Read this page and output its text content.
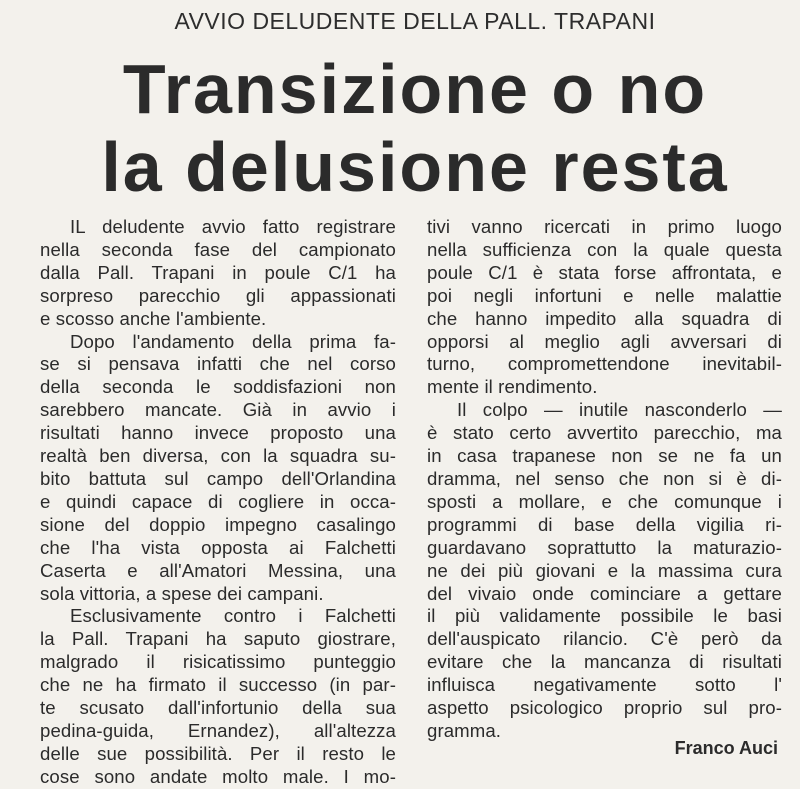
AVVIO DELUDENTE DELLA PALL. TRAPANI
Transizione o no
la delusione resta
IL deludente avvio fatto registrare
nella seconda fase del campionato
dalla Pall. Trapani in poule C/1 ha
sorpreso parecchio gli appassionati
e scosso anche l'ambiente.
Dopo l'andamento della prima fa-
se si pensava infatti che nel corso
della seconda le soddisfazioni non
sarebbero mancate. Già in avvio i
risultati hanno invece proposto una
realtà ben diversa, con la squadra su-
bito battuta sul campo dell'Orlandina
e quindi capace di cogliere in occa-
sione del doppio impegno casalingo
che l'ha vista opposta ai Falchetti
Caserta e all'Amatori Messina, una
sola vittoria, a spese dei campani.
Esclusivamente contro i Falchetti
la Pall. Trapani ha saputo giostrare,
malgrado il risicatissimo punteggio
che ne ha firmato il successo (in par-
te scusato dall'infortunio della sua
pedina-guida, Ernandez), all'altezza
delle sue possibilità. Per il resto le
cose sono andate molto male. I mo-
tivi vanno ricercati in primo luogo
nella sufficienza con la quale questa
poule C/1 è stata forse affrontata, e
poi negli infortuni e nelle malattie
che hanno impedito alla squadra di
opporsi al meglio agli avversari di
turno, compromettendone inevitabil-
mente il rendimento.
Il colpo — inutile nasconderlo —
è stato certo avvertito parecchio, ma
in casa trapanese non se ne fa un
dramma, nel senso che non si è di-
sposti a mollare, e che comunque i
programmi di base della vigilia ri-
guardavano soprattutto la maturazio-
ne dei più giovani e la massima cura
del vivaio onde cominciare a gettare
il più validamente possibile le basi
dell'auspicato rilancio. C'è però da
evitare che la mancanza di risultati
influisca negativamente sotto l'
aspetto psicologico proprio sul pro-
gramma.
Franco Auci
